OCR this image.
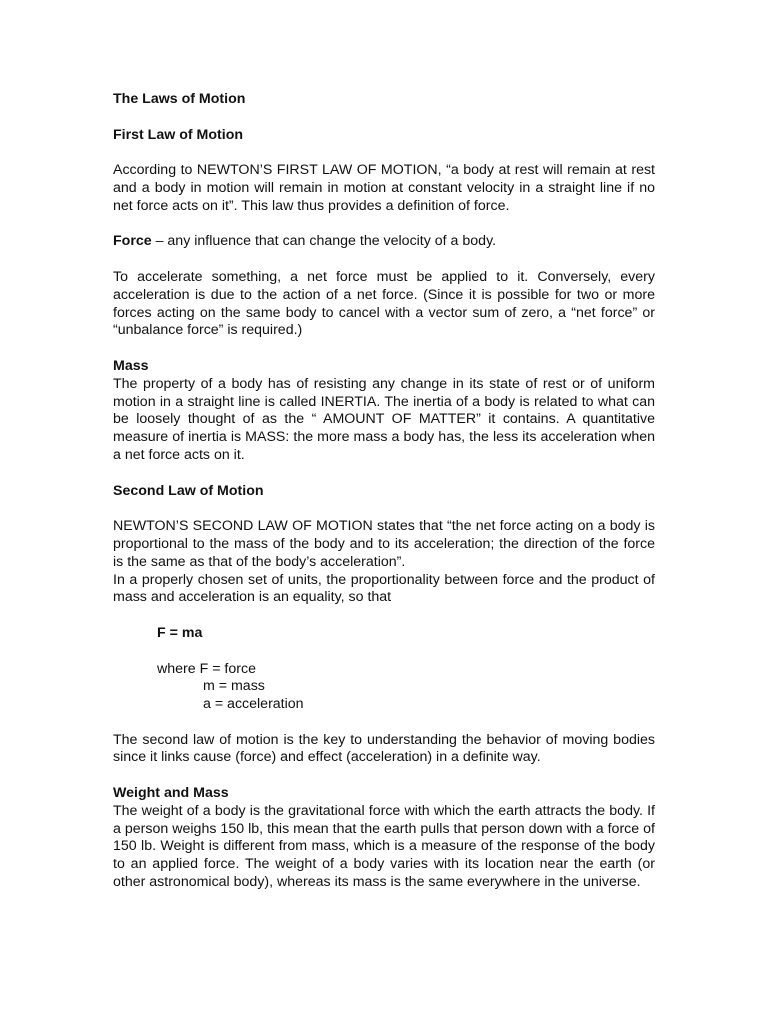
The Laws of Motion
First Law of Motion

According to NEWTON’S FIRST LAW OF MOTION, “a body at rest will remain at rest and a body in motion will remain in motion at constant velocity in a straight line if no net force acts on it”. This law thus provides a definition of force.

Force – any influence that can change the velocity of a body.

To accelerate something, a net force must be applied to it. Conversely, every acceleration is due to the action of a net force. (Since it is possible for two or more forces acting on the same body to cancel with a vector sum of zero, a “net force” or “unbalance force” is required.)

Mass

The property of a body has of resisting any change in its state of rest or of uniform motion in a straight line is called INERTIA. The inertia of a body is related to what can be loosely thought of as the “ AMOUNT OF MATTER” it contains. A quantitative measure of inertia is MASS: the more mass a body has, the less its acceleration when a net force acts on it.

Second Law of Motion

NEWTON’S SECOND LAW OF MOTION states that “the net force acting on a body is proportional to the mass of the body and to its acceleration; the direction of the force is the same as that of the body’s acceleration”.

In a properly chosen set of units, the proportionality between force and the product of mass and acceleration is an equality, so that

F = ma
where F = force
m = mass
a = acceleration

The second law of motion is the key to understanding the behavior of moving bodies since it links cause (force) and effect (acceleration) in a definite way.

Weight and Mass

The weight of a body is the gravitational force with which the earth attracts the body. If a person weighs 150 lb, this mean that the earth pulls that person down with a force of 150 lb. Weight is different from mass, which is a measure of the response of the body to an applied force. The weight of a body varies with its location near the earth (or other astronomical body), whereas its mass is the same everywhere in the universe.
